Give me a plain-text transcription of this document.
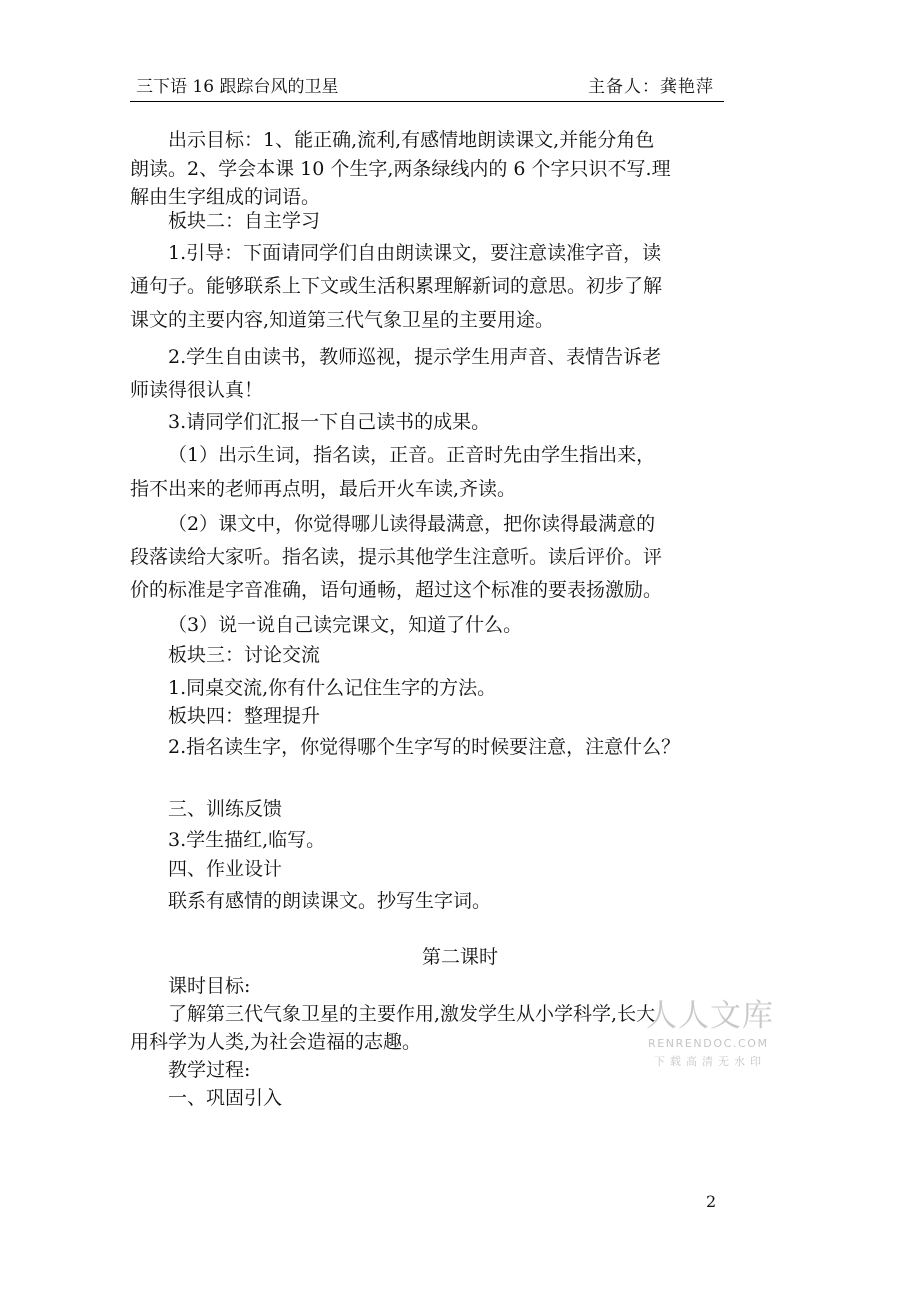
三下语 16 跟踪台风的卫星	主备人：龚艳萍
出示目标：1、能正确,流利,有感情地朗读课文,并能分角色
朗读。2、学会本课 10 个生字,两条绿线内的 6 个字只识不写.理
解由生字组成的词语。
板块二：自主学习
1.引导：下面请同学们自由朗读课文，要注意读准字音，读
通句子。能够联系上下文或生活积累理解新词的意思。初步了解
课文的主要内容,知道第三代气象卫星的主要用途。
2.学生自由读书，教师巡视，提示学生用声音、表情告诉老
师读得很认真！
3.请同学们汇报一下自己读书的成果。
（1）出示生词，指名读，正音。正音时先由学生指出来，
指不出来的老师再点明，最后开火车读,齐读。
（2）课文中，你觉得哪儿读得最满意，把你读得最满意的
段落读给大家听。指名读，提示其他学生注意听。读后评价。评
价的标准是字音准确，语句通畅，超过这个标准的要表扬激励。
（3）说一说自己读完课文，知道了什么。
板块三：讨论交流
1.同桌交流,你有什么记住生字的方法。
板块四：整理提升
2.指名读生字，你觉得哪个生字写的时候要注意，注意什么？
三、训练反馈
3.学生描红,临写。
四、作业设计
联系有感情的朗读课文。抄写生字词。
第二课时
课时目标:
了解第三代气象卫星的主要作用,激发学生从小学科学,长大
用科学为人类,为社会造福的志趣。
教学过程:
一、巩固引入
人人文库
RENRENDOC.COM
下载高清无水印
2
